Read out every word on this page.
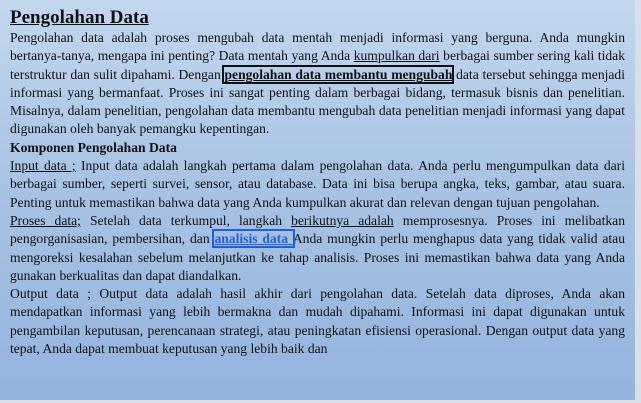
Pengolahan Data

Pengolahan data adalah proses mengubah data mentah menjadi informasi yang berguna. Anda mungkin bertanya-tanya, mengapa ini penting? Data mentah yang Anda kumpulkan dari berbagai sumber sering kali tidak terstruktur dan sulit dipahami. Dengan pengolahan data membantu mengubah data tersebut sehingga menjadi informasi yang bermanfaat. Proses ini sangat penting dalam berbagai bidang, termasuk bisnis dan penelitian. Misalnya, dalam penelitian, pengolahan data membantu mengubah data penelitian menjadi informasi yang dapat digunakan oleh banyak pemangku kepentingan.

Komponen Pengolahan Data

Input data ; Input data adalah langkah pertama dalam pengolahan data. Anda perlu mengumpulkan data dari berbagai sumber, seperti survei, sensor, atau database. Data ini bisa berupa angka, teks, gambar, atau suara. Penting untuk memastikan bahwa data yang Anda kumpulkan akurat dan relevan dengan tujuan pengolahan.

Proses data; Setelah data terkumpul, langkah berikutnya adalah memprosesnya. Proses ini melibatkan pengorganisasian, pembersihan, dan analisis data Anda mungkin perlu menghapus data yang tidak valid atau mengoreksi kesalahan sebelum melanjutkan ke tahap analisis. Proses ini memastikan bahwa data yang Anda gunakan berkualitas dan dapat diandalkan.

Output data ; Output data adalah hasil akhir dari pengolahan data. Setelah data diproses, Anda akan mendapatkan informasi yang lebih bermakna dan mudah dipahami. Informasi ini dapat digunakan untuk pengambilan keputusan, perencanaan strategi, atau peningkatan efisiensi operasional. Dengan output data yang tepat, Anda dapat membuat keputusan yang lebih baik dan
